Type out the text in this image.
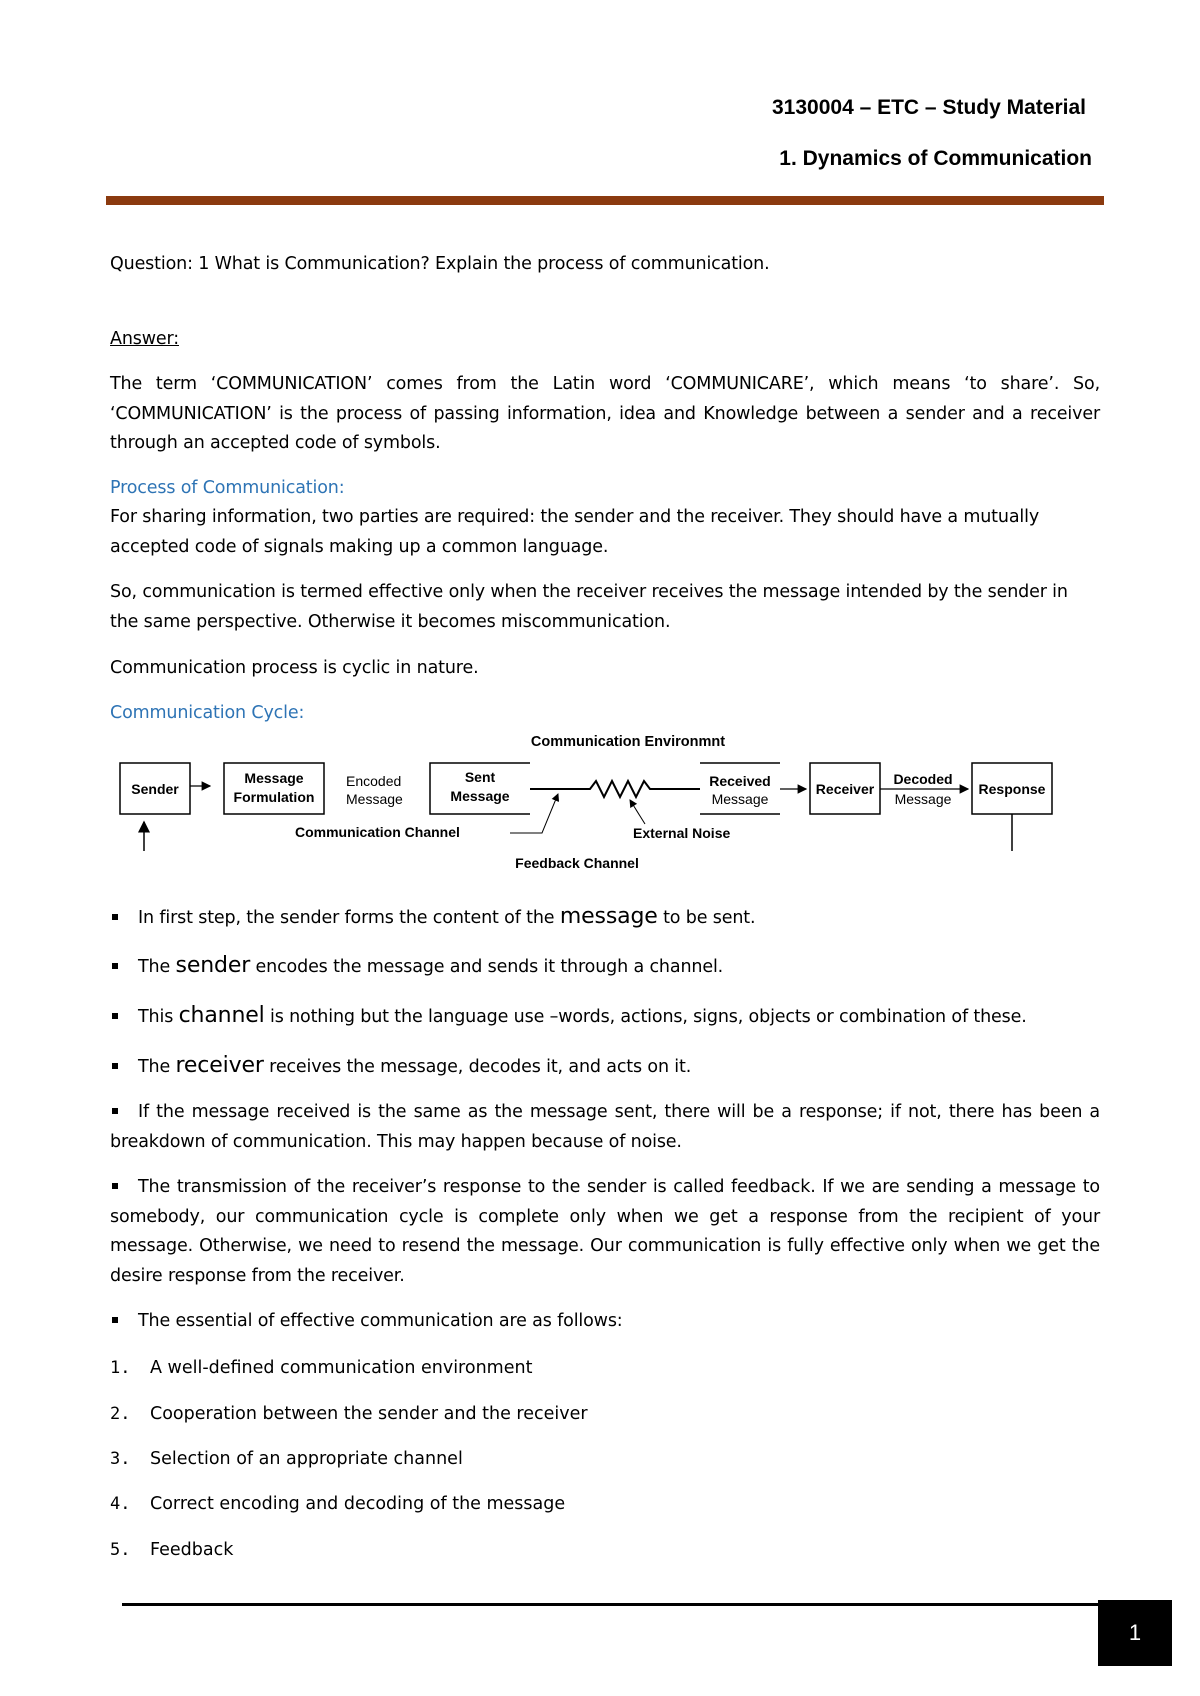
3130004 – ETC – Study Material
1. Dynamics of Communication
Question: 1 What is Communication? Explain the process of communication.
Answer:
The term ‘COMMUNICATION’ comes from the Latin word ‘COMMUNICARE’, which means ‘to share’. So, ‘COMMUNICATION’ is the process of passing information, idea and Knowledge between a sender and a receiver through an accepted code of symbols.
Process of Communication:
For sharing information, two parties are required: the sender and the receiver. They should have a mutually accepted code of signals making up a common language.
So, communication is termed effective only when the receiver receives the message intended by the sender in the same perspective. Otherwise it becomes miscommunication.
Communication process is cyclic in nature.
Communication Cycle:
Communication Environmnt
Sender
Message
Formulation
Encoded
Message
Sent
Message
Received
Message
Receiver
Decoded
Message
Response
Communication Channel	External Noise
Feedback Channel
In first step, the sender forms the content of the message to be sent.
The sender encodes the message and sends it through a channel.
This channel is nothing but the language use –words, actions, signs, objects or combination of these.
The receiver receives the message, decodes it, and acts on it.
If the message received is the same as the message sent, there will be a response; if not, there has been a breakdown of communication. This may happen because of noise.
The transmission of the receiver’s response to the sender is called feedback. If we are sending a message to somebody, our communication cycle is complete only when we get a response from the recipient of your message. Otherwise, we need to resend the message. Our communication is fully effective only when we get the desire response from the receiver.
The essential of effective communication are as follows:
1. A well-defined communication environment
2. Cooperation between the sender and the receiver
3. Selection of an appropriate channel
4. Correct encoding and decoding of the message
5. Feedback
1
